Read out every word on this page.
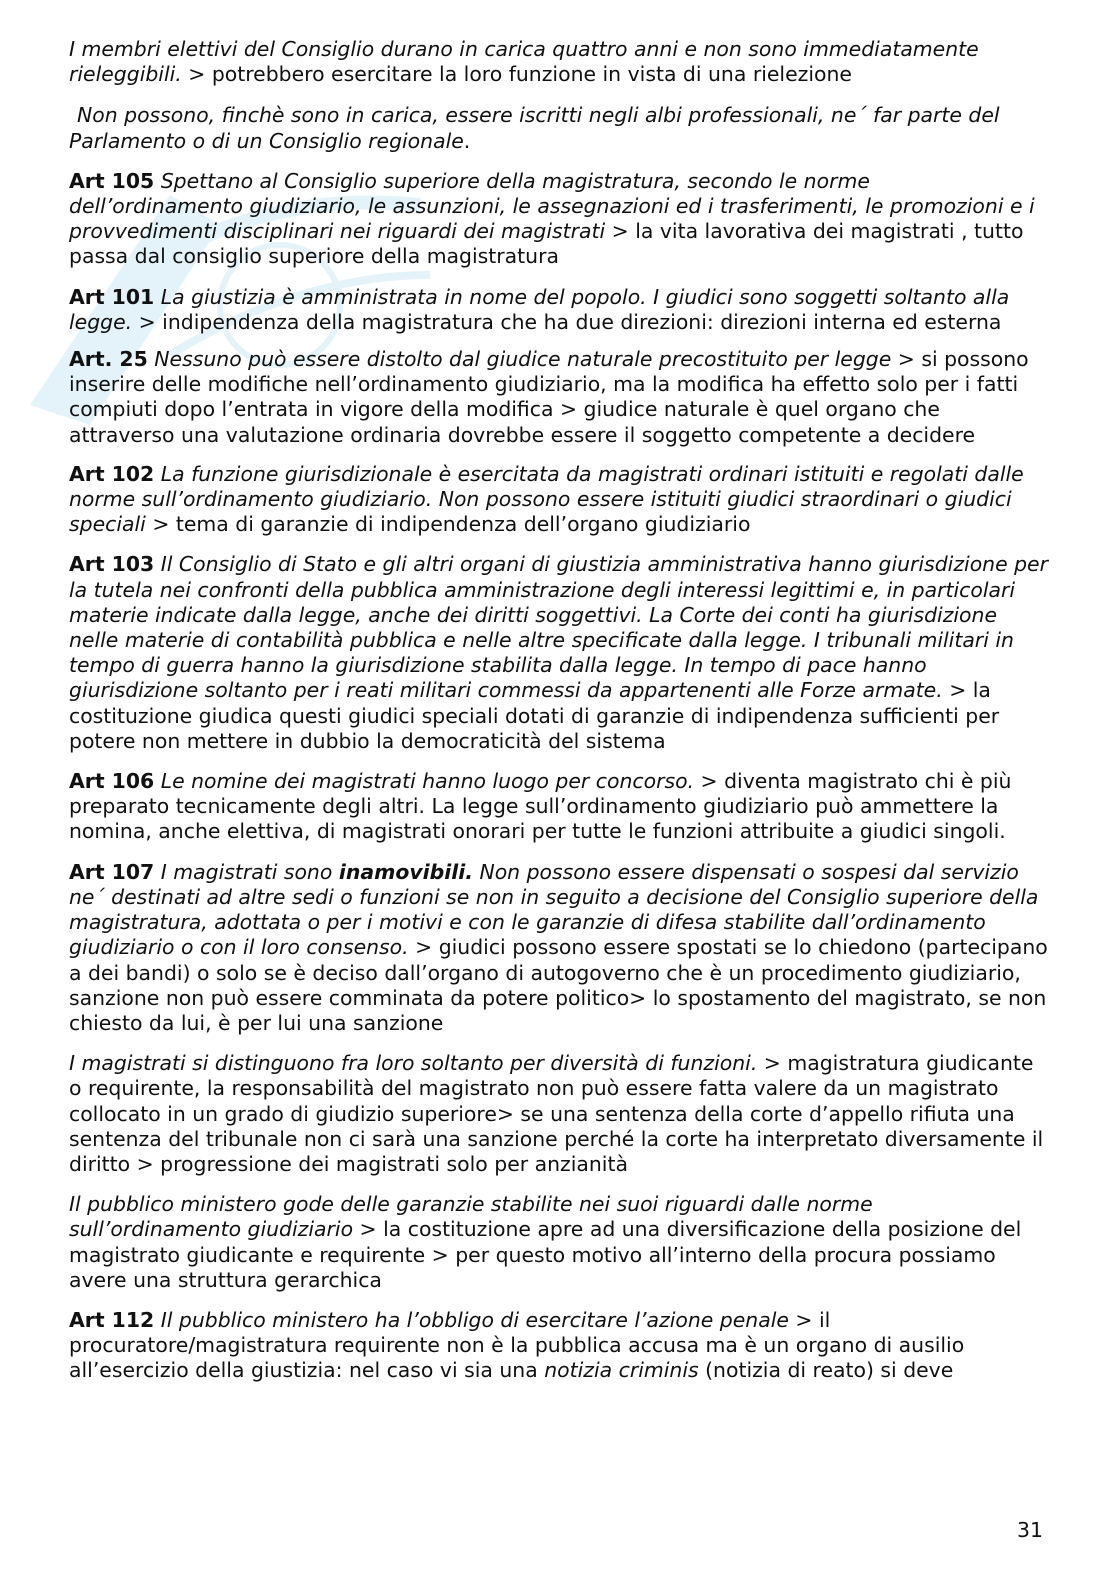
I membri elettivi del Consiglio durano in carica quattro anni e non sono immediatamente rieleggibili. > potrebbero esercitare la loro funzione in vista di una rielezione

Non possono, finchè sono in carica, essere iscritti negli albi professionali, ne´ far parte del Parlamento o di un Consiglio regionale.

Art 105 Spettano al Consiglio superiore della magistratura, secondo le norme dell’ordinamento giudiziario, le assunzioni, le assegnazioni ed i trasferimenti, le promozioni e i provvedimenti disciplinari nei riguardi dei magistrati > la vita lavorativa dei magistrati , tutto passa dal consiglio superiore della magistratura

Art 101 La giustizia è amministrata in nome del popolo. I giudici sono soggetti soltanto alla legge. > indipendenza della magistratura che ha due direzioni: direzioni interna ed esterna

Art. 25 Nessuno può essere distolto dal giudice naturale precostituito per legge > si possono inserire delle modifiche nell’ordinamento giudiziario, ma la modifica ha effetto solo per i fatti compiuti dopo l’entrata in vigore della modifica > giudice naturale è quel organo che attraverso una valutazione ordinaria dovrebbe essere il soggetto competente a decidere

Art 102 La funzione giurisdizionale è esercitata da magistrati ordinari istituiti e regolati dalle norme sull’ordinamento giudiziario. Non possono essere istituiti giudici straordinari o giudici speciali > tema di garanzie di indipendenza dell’organo giudiziario

Art 103 Il Consiglio di Stato e gli altri organi di giustizia amministrativa hanno giurisdizione per la tutela nei confronti della pubblica amministrazione degli interessi legittimi e, in particolari materie indicate dalla legge, anche dei diritti soggettivi. La Corte dei conti ha giurisdizione nelle materie di contabilità pubblica e nelle altre specificate dalla legge. I tribunali militari in tempo di guerra hanno la giurisdizione stabilita dalla legge. In tempo di pace hanno giurisdizione soltanto per i reati militari commessi da appartenenti alle Forze armate. > la costituzione giudica questi giudici speciali dotati di garanzie di indipendenza sufficienti per potere non mettere in dubbio la democraticità del sistema

Art 106 Le nomine dei magistrati hanno luogo per concorso. > diventa magistrato chi è più preparato tecnicamente degli altri. La legge sull’ordinamento giudiziario può ammettere la nomina, anche elettiva, di magistrati onorari per tutte le funzioni attribuite a giudici singoli.

Art 107 I magistrati sono inamovibili. Non possono essere dispensati o sospesi dal servizio ne´ destinati ad altre sedi o funzioni se non in seguito a decisione del Consiglio superiore della magistratura, adottata o per i motivi e con le garanzie di difesa stabilite dall’ordinamento giudiziario o con il loro consenso. > giudici possono essere spostati se lo chiedono (partecipano a dei bandi) o solo se è deciso dall’organo di autogoverno che è un procedimento giudiziario, sanzione non può essere comminata da potere politico> lo spostamento del magistrato, se non chiesto da lui, è per lui una sanzione

I magistrati si distinguono fra loro soltanto per diversità di funzioni. > magistratura giudicante o requirente, la responsabilità del magistrato non può essere fatta valere da un magistrato collocato in un grado di giudizio superiore> se una sentenza della corte d’appello rifiuta una sentenza del tribunale non ci sarà una sanzione perché la corte ha interpretato diversamente il diritto > progressione dei magistrati solo per anzianità

Il pubblico ministero gode delle garanzie stabilite nei suoi riguardi dalle norme sull’ordinamento giudiziario > la costituzione apre ad una diversificazione della posizione del magistrato giudicante e requirente > per questo motivo all’interno della procura possiamo avere una struttura gerarchica

Art 112 Il pubblico ministero ha l’obbligo di esercitare l’azione penale > il procuratore/magistratura requirente non è la pubblica accusa ma è un organo di ausilio all’esercizio della giustizia: nel caso vi sia una notizia criminis (notizia di reato) si deve

31
